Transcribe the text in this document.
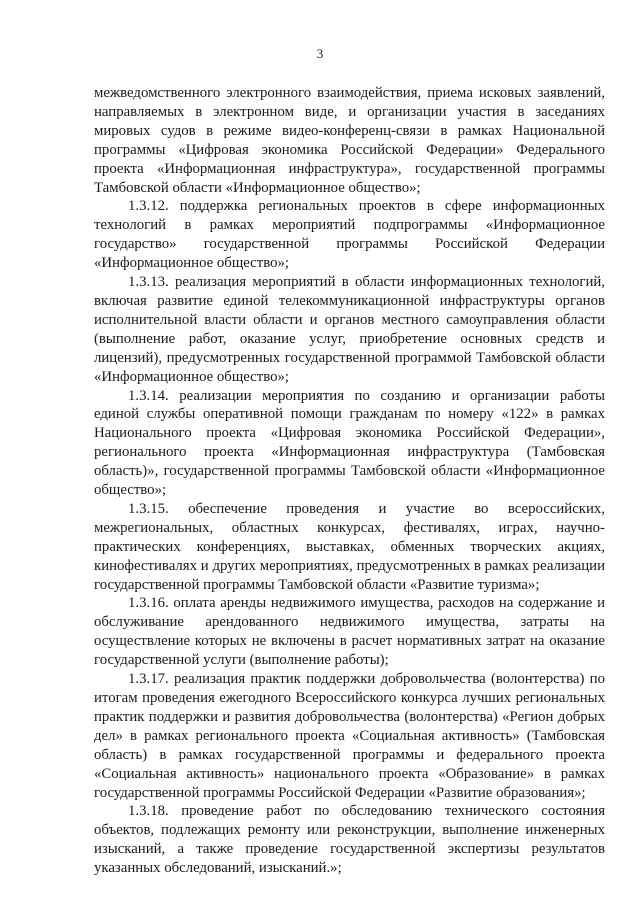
3

межведомственного электронного взаимодействия, приема исковых заявлений, направляемых в электронном виде, и организации участия в заседаниях мировых судов в режиме видео-конференц-связи в рамках Национальной программы «Цифровая экономика Российской Федерации» Федерального проекта «Информационная инфраструктура», государственной программы Тамбовской области «Информационное общество»;

1.3.12. поддержка региональных проектов в сфере информационных технологий в рамках мероприятий подпрограммы «Информационное государство» государственной программы Российской Федерации «Информационное общество»;

1.3.13. реализация мероприятий в области информационных технологий, включая развитие единой телекоммуникационной инфраструктуры органов исполнительной власти области и органов местного самоуправления области (выполнение работ, оказание услуг, приобретение основных средств и лицензий), предусмотренных государственной программой Тамбовской области «Информационное общество»;

1.3.14. реализации мероприятия по созданию и организации работы единой службы оперативной помощи гражданам по номеру «122» в рамках Национального проекта «Цифровая экономика Российской Федерации», регионального проекта «Информационная инфраструктура (Тамбовская область)», государственной программы Тамбовской области «Информационное общество»;

1.3.15. обеспечение проведения и участие во всероссийских, межрегиональных, областных конкурсах, фестивалях, играх, научно-практических конференциях, выставках, обменных творческих акциях, кинофестивалях и других мероприятиях, предусмотренных в рамках реализации государственной программы Тамбовской области «Развитие туризма»;

1.3.16. оплата аренды недвижимого имущества, расходов на содержание и обслуживание арендованного недвижимого имущества, затраты на осуществление которых не включены в расчет нормативных затрат на оказание государственной услуги (выполнение работы);

1.3.17. реализация практик поддержки добровольчества (волонтерства) по итогам проведения ежегодного Всероссийского конкурса лучших региональных практик поддержки и развития добровольчества (волонтерства) «Регион добрых дел» в рамках регионального проекта «Социальная активность» (Тамбовская область) в рамках государственной программы и федерального проекта «Социальная активность» национального проекта «Образование» в рамках государственной программы Российской Федерации «Развитие образования»;

1.3.18. проведение работ по обследованию технического состояния объектов, подлежащих ремонту или реконструкции, выполнение инженерных изысканий, а также проведение государственной экспертизы результатов указанных обследований, изысканий.»;
